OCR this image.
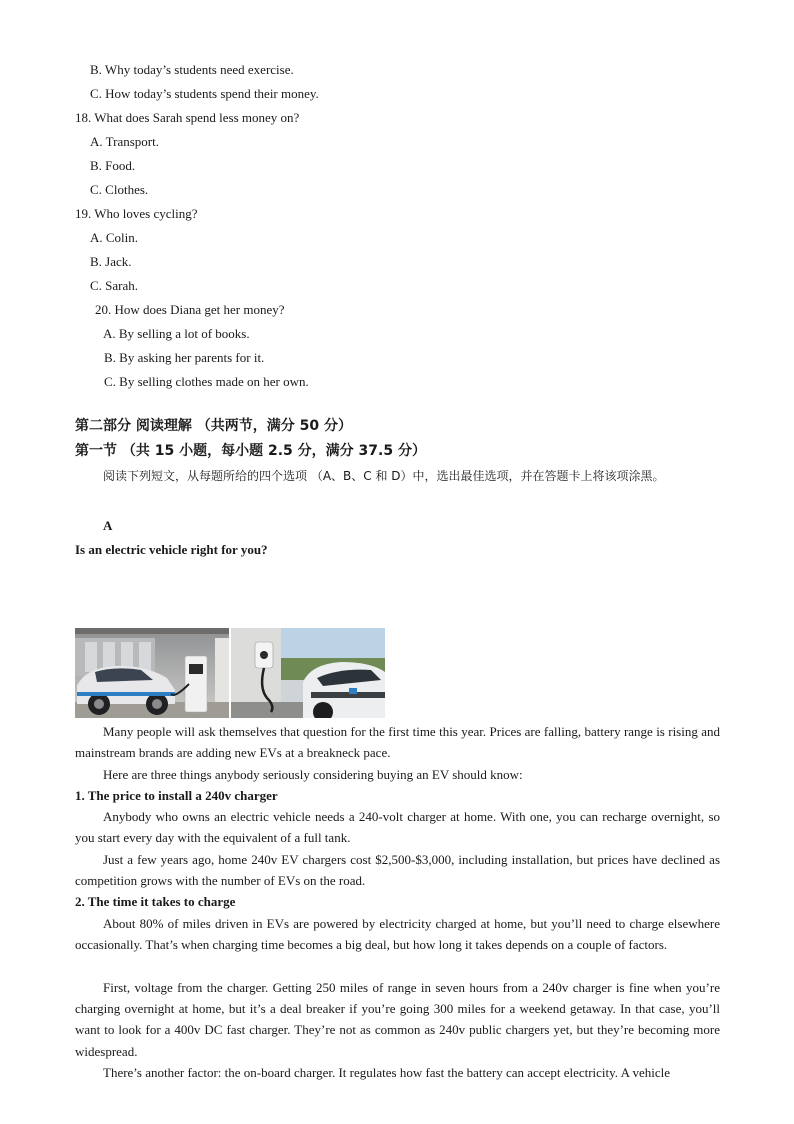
B. Why today’s students need exercise.
C. How today’s students spend their money.
18. What does Sarah spend less money on?
A. Transport.
B. Food.
C. Clothes.
19. Who loves cycling?
A. Colin.
B. Jack.
C. Sarah.
20. How does Diana get her money?
A. By selling a lot of books.
B. By asking her parents for it.
C. By selling clothes made on her own.
第二部分 阅读理解 （共两节，满分 50 分）
第一节 （共 15 小题，每小题 2.5 分，满分 37.5 分）

阅读下列短文，从每题所给的四个选项 （A、B、C 和 D）中，选出最佳选项，并在答题卡上将该项涂黑。

A
Is an electric vehicle right for you?

Many people will ask themselves that question for the first time this year. Prices are falling, battery range is rising and mainstream brands are adding new EVs at a breakneck pace.

Here are three things anybody seriously considering buying an EV should know:

1. The price to install a 240v charger

Anybody who owns an electric vehicle needs a 240-volt charger at home. With one, you can recharge overnight, so you start every day with the equivalent of a full tank.

Just a few years ago, home 240v EV chargers cost $2,500-$3,000, including installation, but prices have declined as competition grows with the number of EVs on the road.

2. The time it takes to charge

About 80% of miles driven in EVs are powered by electricity charged at home, but you’ll need to charge elsewhere occasionally. That’s when charging time becomes a big deal, but how long it takes depends on a couple of factors.

First, voltage from the charger. Getting 250 miles of range in seven hours from a 240v charger is fine when you’re charging overnight at home, but it’s a deal breaker if you’re going 300 miles for a weekend getaway. In that case, you’ll want to look for a 400v DC fast charger. They’re not as common as 240v public chargers yet, but they’re becoming more widespread.

There’s another factor: the on-board charger. It regulates how fast the battery can accept electricity. A vehicle
